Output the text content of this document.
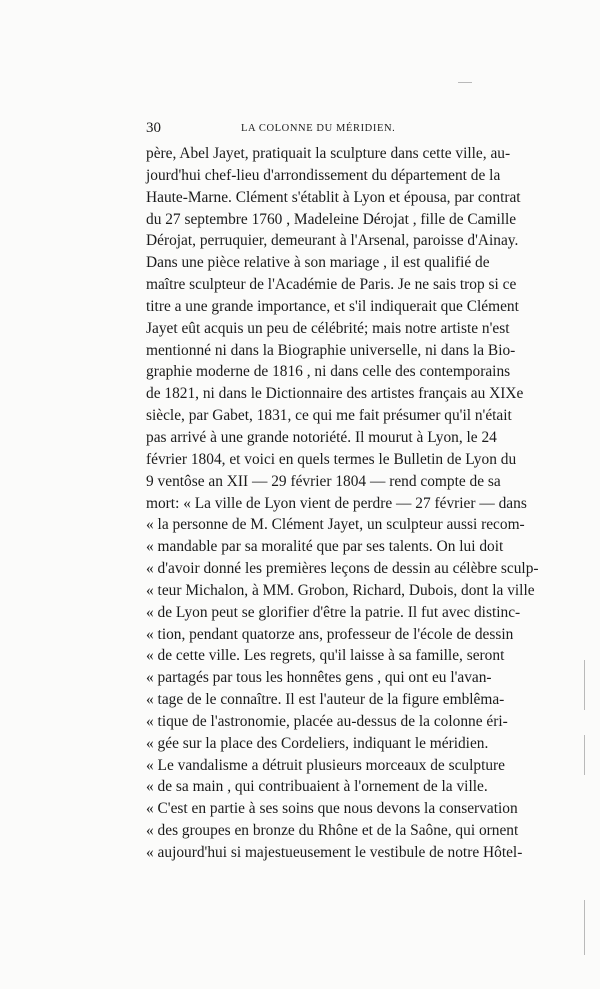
30	LA COLONNE DU MÉRIDIEN.
père, Abel Jayet, pratiquait la sculpture dans cette ville, au-
jourd'hui chef-lieu d'arrondissement du département de la
Haute-Marne. Clément s'établit à Lyon et épousa, par contrat
du 27 septembre 1760 , Madeleine Dérojat , fille de Camille
Dérojat, perruquier, demeurant à l'Arsenal, paroisse d'Ainay.
Dans une pièce relative à son mariage , il est qualifié de
maître sculpteur de l'Académie de Paris. Je ne sais trop si ce
titre a une grande importance, et s'il indiquerait que Clément
Jayet eût acquis un peu de célébrité; mais notre artiste n'est
mentionné ni dans la Biographie universelle, ni dans la Bio-
graphie moderne de 1816 , ni dans celle des contemporains
de 1821, ni dans le Dictionnaire des artistes français au XIXe
siècle, par Gabet, 1831, ce qui me fait présumer qu'il n'était
pas arrivé à une grande notoriété. Il mourut à Lyon, le 24
février 1804, et voici en quels termes le Bulletin de Lyon du
9 ventôse an XII — 29 février 1804 — rend compte de sa
mort: « La ville de Lyon vient de perdre — 27 février — dans
« la personne de M. Clément Jayet, un sculpteur aussi recom-
« mandable par sa moralité que par ses talents. On lui doit
« d'avoir donné les premières leçons de dessin au célèbre sculp-
« teur Michalon, à MM. Grobon, Richard, Dubois, dont la ville
« de Lyon peut se glorifier d'être la patrie. Il fut avec distinc-
« tion, pendant quatorze ans, professeur de l'école de dessin
« de cette ville. Les regrets, qu'il laisse à sa famille, seront
« partagés par tous les honnêtes gens , qui ont eu l'avan-
« tage de le connaître. Il est l'auteur de la figure emblêma-
« tique de l'astronomie, placée au-dessus de la colonne éri-
« gée sur la place des Cordeliers, indiquant le méridien.
« Le vandalisme a détruit plusieurs morceaux de sculpture
« de sa main , qui contribuaient à l'ornement de la ville.
« C'est en partie à ses soins que nous devons la conservation
« des groupes en bronze du Rhône et de la Saône, qui ornent
« aujourd'hui si majestueusement le vestibule de notre Hôtel-
